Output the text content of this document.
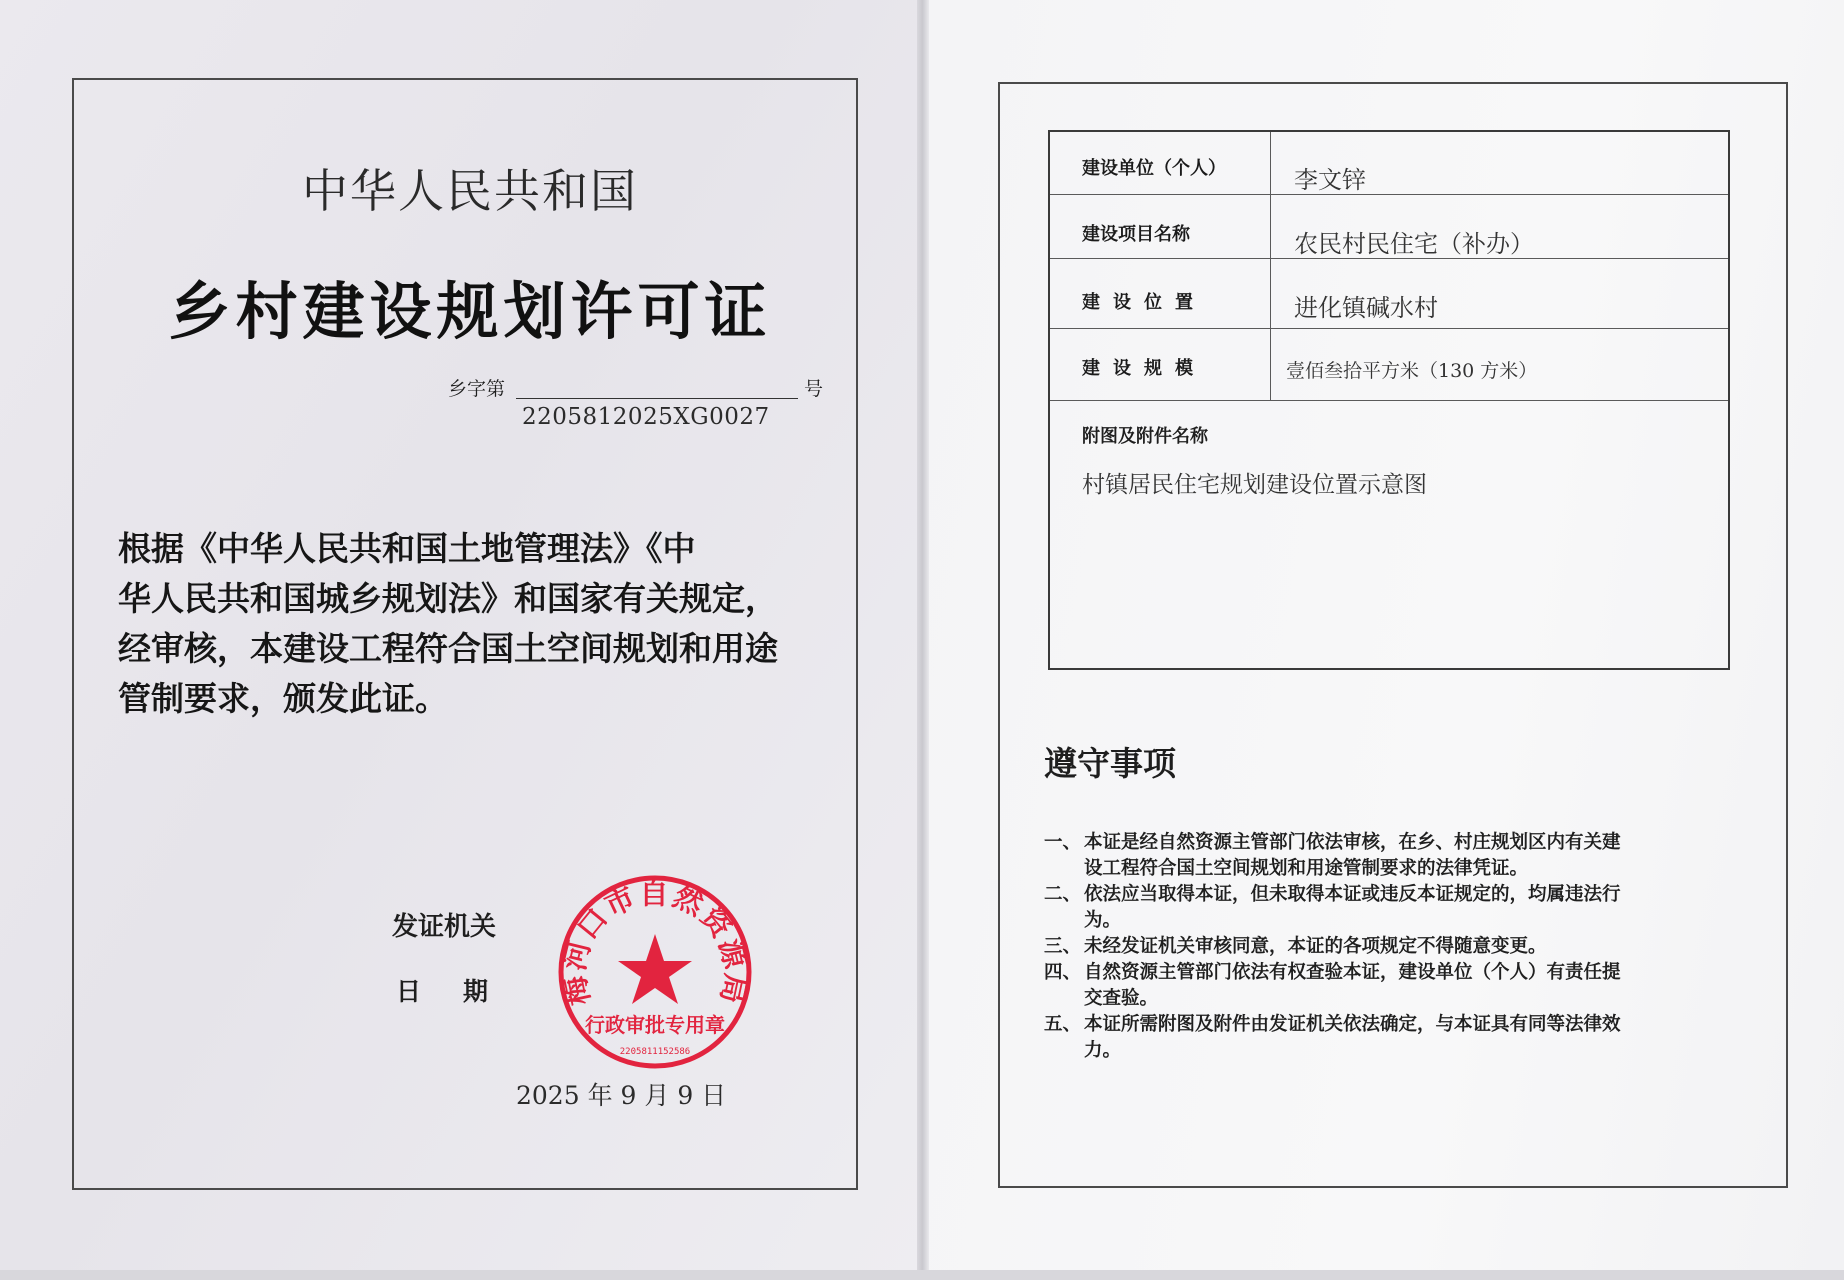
中华人民共和国
乡村建设规划许可证
乡字第	号
2205812025XG0027
根据《中华人民共和国土地管理法》《中
华人民共和国城乡规划法》和国家有关规定，
经审核，本建设工程符合国土空间规划和用途
管制要求，颁发此证。
发证机关
日期
2025 年 9 月 9 日
梅河口市自然资源局
行政审批专用章
2205811152586
建设单位（个人）	李文锌
建设项目名称	农民村民住宅（补办）
建设位置	进化镇碱水村
建设规模	壹佰叁拾平方米（130 方米）
附图及附件名称
村镇居民住宅规划建设位置示意图
遵守事项
一、 本证是经自然资源主管部门依法审核，在乡、村庄规划区内有关建
设工程符合国土空间规划和用途管制要求的法律凭证。
二、 依法应当取得本证，但未取得本证或违反本证规定的，均属违法行
为。
三、 未经发证机关审核同意，本证的各项规定不得随意变更。
四、 自然资源主管部门依法有权查验本证，建设单位（个人）有责任提
交查验。
五、 本证所需附图及附件由发证机关依法确定，与本证具有同等法律效
力。
